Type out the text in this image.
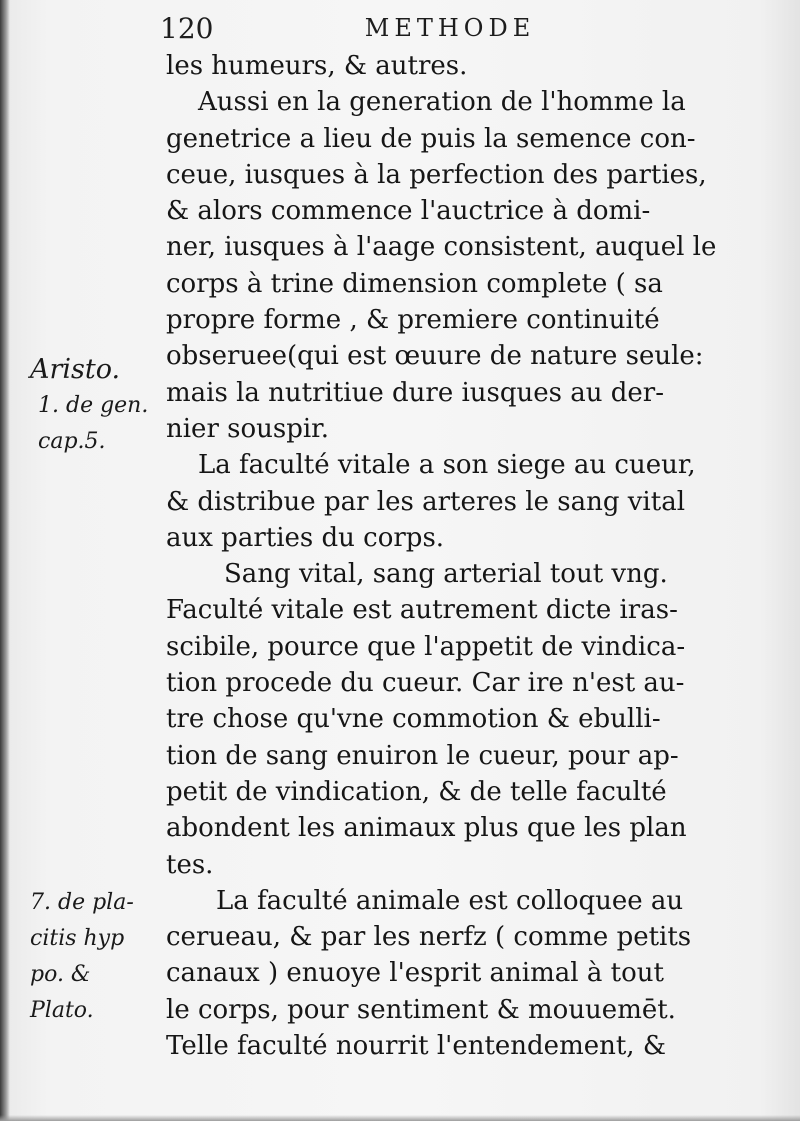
120	METHODE
les humeurs, & autres.
Aussi en la generation de l'homme la
genetrice a lieu de puis la semence con-
ceue, iusques à la perfection des parties,
& alors commence l'auctrice à domi-
ner, iusques à l'aage consistent, auquel le
corps à trine dimension complete ( sa
propre forme , & premiere continuité
obseruee(qui est œuure de nature seule:
mais la nutritiue dure iusques au der-
nier souspir.
La faculté vitale a son siege au cueur,
& distribue par les arteres le sang vital
aux parties du corps.
Sang vital, sang arterial tout vng.
Faculté vitale est autrement dicte iras-
scibile, pource que l'appetit de vindica-
tion procede du cueur. Car ire n'est au-
tre chose qu'vne commotion & ebulli-
tion de sang enuiron le cueur, pour ap-
petit de vindication, & de telle faculté
abondent les animaux plus que les plan
tes.
La faculté animale est colloquee au
cerueau, & par les nerfz ( comme petits
canaux ) enuoye l'esprit animal à tout
le corps, pour sentiment & mouuemēt.
Telle faculté nourrit l'entendement, &
Aristo.
1. de gen.
cap.5.
7. de pla-
citis hyp
po. &
Plato.
